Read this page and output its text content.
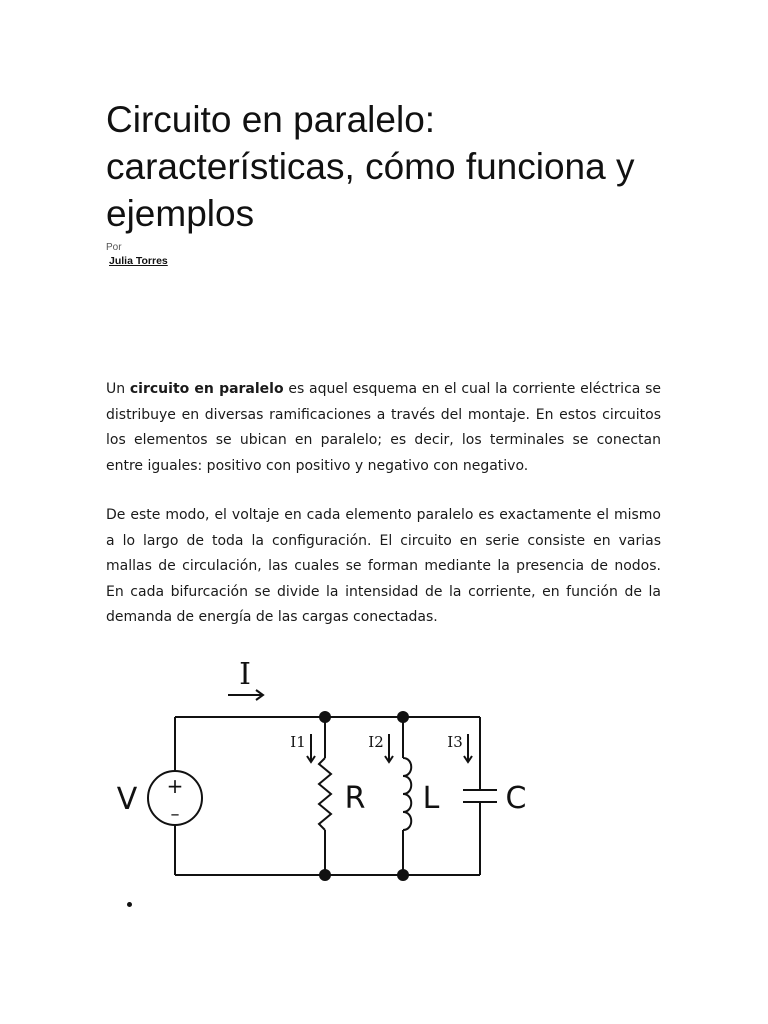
Circuito en paralelo: características, cómo funciona y ejemplos
Por
Julia Torres

Un circuito en paralelo es aquel esquema en el cual la corriente eléctrica se distribuye en diversas ramificaciones a través del montaje. En estos circuitos los elementos se ubican en paralelo; es decir, los terminales se conectan entre iguales: positivo con positivo y negativo con negativo.

De este modo, el voltaje en cada elemento paralelo es exactamente el mismo a lo largo de toda la configuración. El circuito en serie consiste en varias mallas de circulación, las cuales se forman mediante la presencia de nodos. En cada bifurcación se divide la intensidad de la corriente, en función de la demanda de energía de las cargas conectadas.

I
V +
–
I1	I2	I3
R L C
